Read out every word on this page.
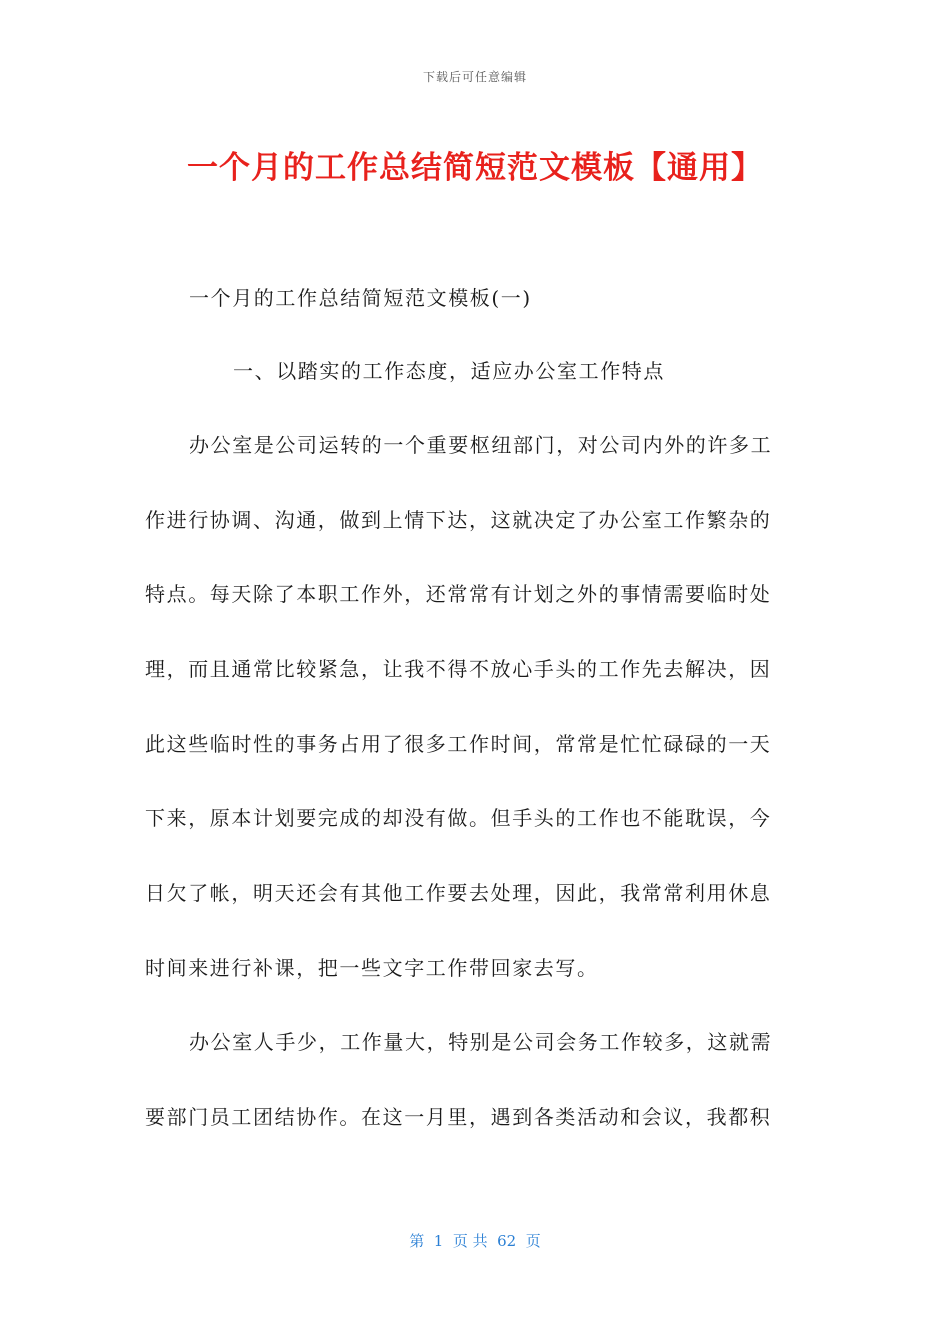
下载后可任意编辑
一个月的工作总结简短范文模板【通用】
一个月的工作总结简短范文模板(一)
一、以踏实的工作态度，适应办公室工作特点
办公室是公司运转的一个重要枢纽部门，对公司内外的许多工
作进行协调、沟通，做到上情下达，这就决定了办公室工作繁杂的
特点。每天除了本职工作外，还常常有计划之外的事情需要临时处
理，而且通常比较紧急，让我不得不放心手头的工作先去解决，因
此这些临时性的事务占用了很多工作时间，常常是忙忙碌碌的一天
下来，原本计划要完成的却没有做。但手头的工作也不能耽误，今
日欠了帐，明天还会有其他工作要去处理，因此，我常常利用休息
时间来进行补课，把一些文字工作带回家去写。
办公室人手少，工作量大，特别是公司会务工作较多，这就需
要部门员工团结协作。在这一月里，遇到各类活动和会议，我都积
第  1  页 共  62  页
